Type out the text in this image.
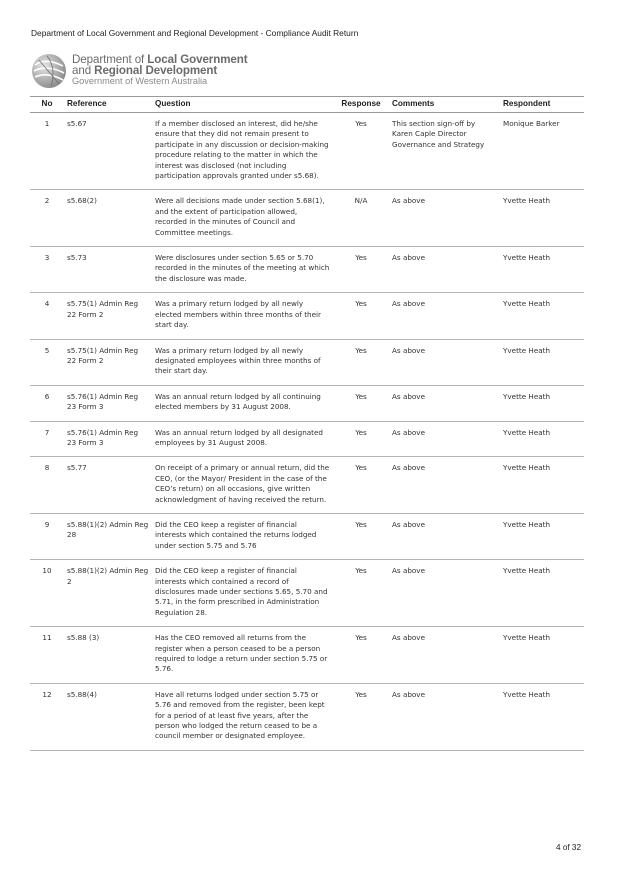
Department of Local Government and Regional Development - Compliance Audit Return
Department of Local Government
and Regional Development
Government of Western Australia
No	Reference	Question	Response	Comments	Respondent
1	s5.67	If a member disclosed an interest, did he/she ensure that they did not remain present to participate in any discussion or decision-making procedure relating to the matter in which the interest was disclosed (not including participation approvals granted under s5.68).	Yes	This section sign-off by Karen Caple Director Governance and Strategy	Monique Barker
2	s5.68(2)	Were all decisions made under section 5.68(1), and the extent of participation allowed, recorded in the minutes of Council and Committee meetings.	N/A	As above	Yvette Heath
3	s5.73	Were disclosures under section 5.65 or 5.70 recorded in the minutes of the meeting at which the disclosure was made.	Yes	As above	Yvette Heath
4	s5.75(1) Admin Reg 22 Form 2	Was a primary return lodged by all newly elected members within three months of their start day.	Yes	As above	Yvette Heath
5	s5.75(1) Admin Reg 22 Form 2	Was a primary return lodged by all newly designated employees within three months of their start day.	Yes	As above	Yvette Heath
6	s5.76(1) Admin Reg 23 Form 3	Was an annual return lodged by all continuing elected members by 31 August 2008.	Yes	As above	Yvette Heath
7	s5.76(1) Admin Reg 23 Form 3	Was an annual return lodged by all designated employees by 31 August 2008.	Yes	As above	Yvette Heath
8	s5.77	On receipt of a primary or annual return, did the CEO, (or the Mayor/ President in the case of the CEO’s return) on all occasions, give written acknowledgment of having received the return.	Yes	As above	Yvette Heath
9	s5.88(1)(2) Admin Reg 28	Did the CEO keep a register of financial interests which contained the returns lodged under section 5.75 and 5.76	Yes	As above	Yvette Heath
10	s5.88(1)(2) Admin Reg 2	Did the CEO keep a register of financial interests which contained a record of disclosures made under sections 5.65, 5.70 and 5.71, in the form prescribed in Administration Regulation 28.	Yes	As above	Yvette Heath
11	s5.88 (3)	Has the CEO removed all returns from the register when a person ceased to be a person required to lodge a return under section 5.75 or 5.76.	Yes	As above	Yvette Heath
12	s5.88(4)	Have all returns lodged under section 5.75 or 5.76 and removed from the register, been kept for a period of at least five years, after the person who lodged the return ceased to be a council member or designated employee.	Yes	As above	Yvette Heath
4 of 32
